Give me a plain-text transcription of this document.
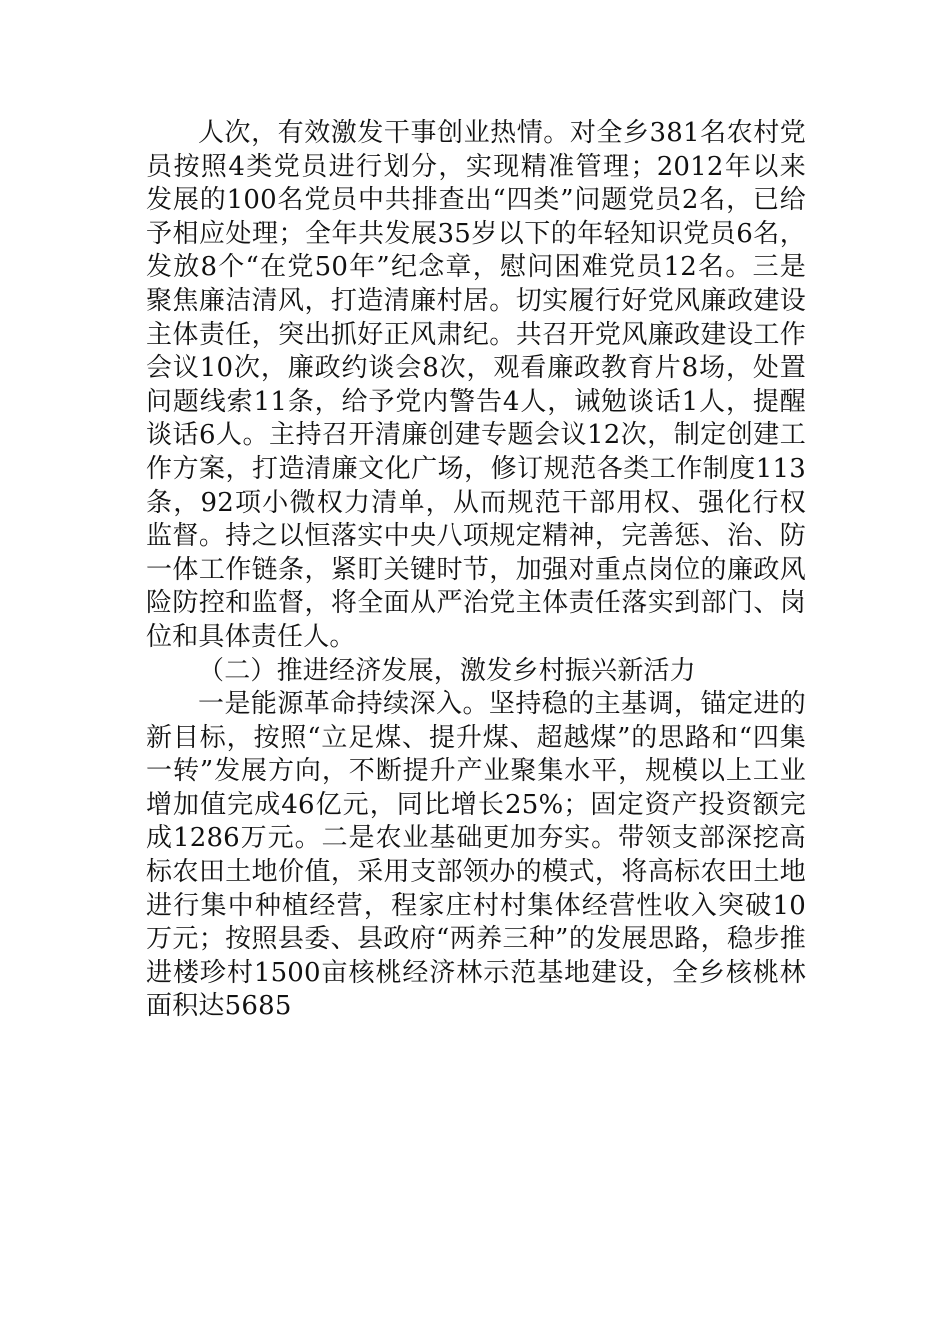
人次，有效激发干事创业热情。对全乡381名农村党员按照4类党员进行划分，实现精准管理；2012年以来发展的100名党员中共排查出“四类”问题党员2名，已给予相应处理；全年共发展35岁以下的年轻知识党员6名，发放8个“在党50年”纪念章，慰问困难党员12名。三是聚焦廉洁清风，打造清廉村居。切实履行好党风廉政建设主体责任，突出抓好正风肃纪。共召开党风廉政建设工作会议10次，廉政约谈会8次，观看廉政教育片8场，处置问题线索11条，给予党内警告4人，诫勉谈话1人，提醒谈话6人。主持召开清廉创建专题会议12次，制定创建工作方案，打造清廉文化广场，修订规范各类工作制度113条，92项小微权力清单，从而规范干部用权、强化行权监督。持之以恒落实中央八项规定精神，完善惩、治、防一体工作链条，紧盯关键时节，加强对重点岗位的廉政风险防控和监督，将全面从严治党主体责任落实到部门、岗位和具体责任人。

（二）推进经济发展，激发乡村振兴新活力

一是能源革命持续深入。坚持稳的主基调，锚定进的新目标，按照“立足煤、提升煤、超越煤”的思路和“四集一转”发展方向，不断提升产业聚集水平，规模以上工业增加值完成46亿元，同比增长25%；固定资产投资额完成1286万元。二是农业基础更加夯实。带领支部深挖高标农田土地价值，采用支部领办的模式，将高标农田土地进行集中种植经营，程家庄村村集体经营性收入突破10万元；按照县委、县政府“两养三种”的发展思路，稳步推进楼珍村1500亩核桃经济林示范基地建设，全乡核桃林面积达5685
